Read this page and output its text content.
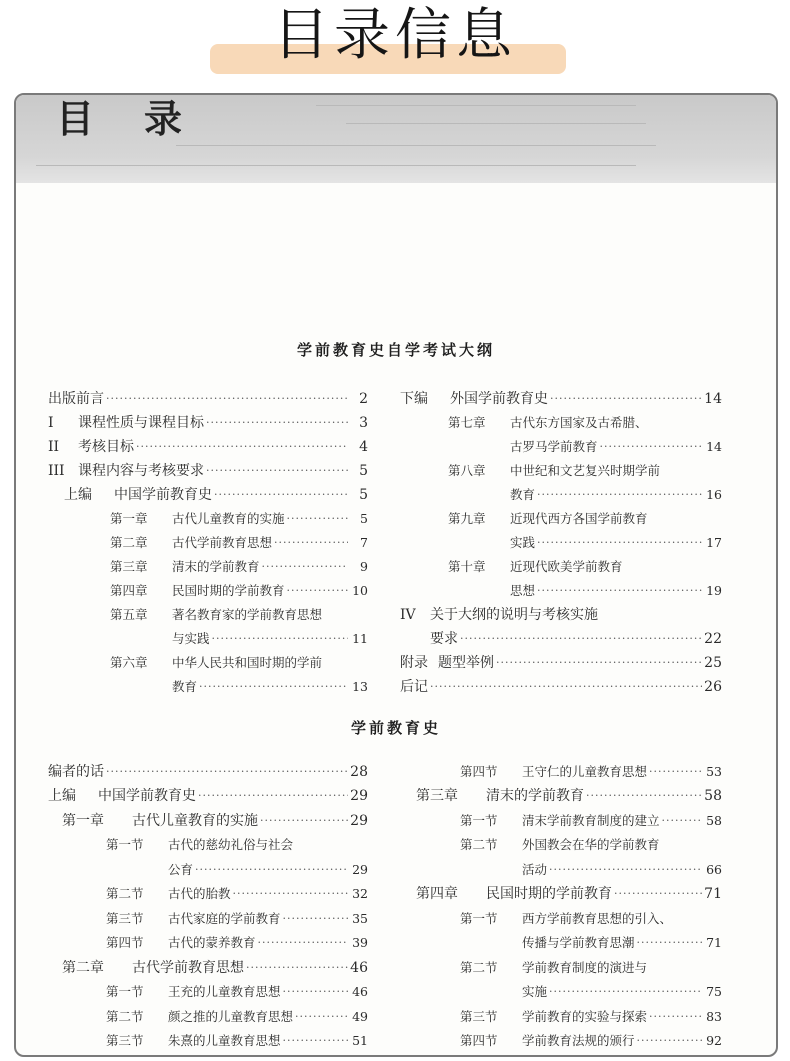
目录信息
目录
学前教育史自学考试大纲
出版前言 ·····	2
I	课程性质与课程目标 ·····	3
II	考核目标 ·····	4
III 课程内容与考核要求 ·····	5
上编	中国学前教育史 ·····	5
第一章	古代儿童教育的实施 ·····	5
第二章	古代学前教育思想 ·····	7
第三章	清末的学前教育 ·····	9
第四章	民国时期的学前教育 ·····	10
第五章	著名教育家的学前教育思想
与实践 ·····	11
第六章	中华人民共和国时期的学前
教育 ·····	13
下编	外国学前教育史 ·····	14
第七章	古代东方国家及古希腊、
古罗马学前教育 ·····	14
第八章	中世纪和文艺复兴时期学前
教育 ·····	16
第九章	近现代西方各国学前教育
实践 ·····	17
第十章	近现代欧美学前教育
思想 ·····	19
IV	关于大纲的说明与考核实施
要求 ·····	22
附录 题型举例 ·····	25
后记 ·····	26
学前教育史
编者的话 ·····	28
上编	中国学前教育史 ·····	29
第一章	古代儿童教育的实施 ·····	29
第一节	古代的慈幼礼俗与社会
公育 ·····	29
第二节	古代的胎教 ·····	32
第三节	古代家庭的学前教育 ·····	35
第四节	古代的蒙养教育 ·····	39
第二章	古代学前教育思想 ·····	46
第一节	王充的儿童教育思想 ·····	46
第二节	颜之推的儿童教育思想 ·····	49
第三节	朱熹的儿童教育思想 ·····	51
第四节	王守仁的儿童教育思想 ·····	53
第三章	清末的学前教育 ·····	58
第一节	清末学前教育制度的建立 ·····	58
第二节	外国教会在华的学前教育
活动 ·····	66
第四章	民国时期的学前教育 ·····	71
第一节	西方学前教育思想的引入、
传播与学前教育思潮 ·····	71
第二节	学前教育制度的演进与
实施 ·····	75
第三节	学前教育的实验与探索 ·····	83
第四节	学前教育法规的颁行 ·····	92
